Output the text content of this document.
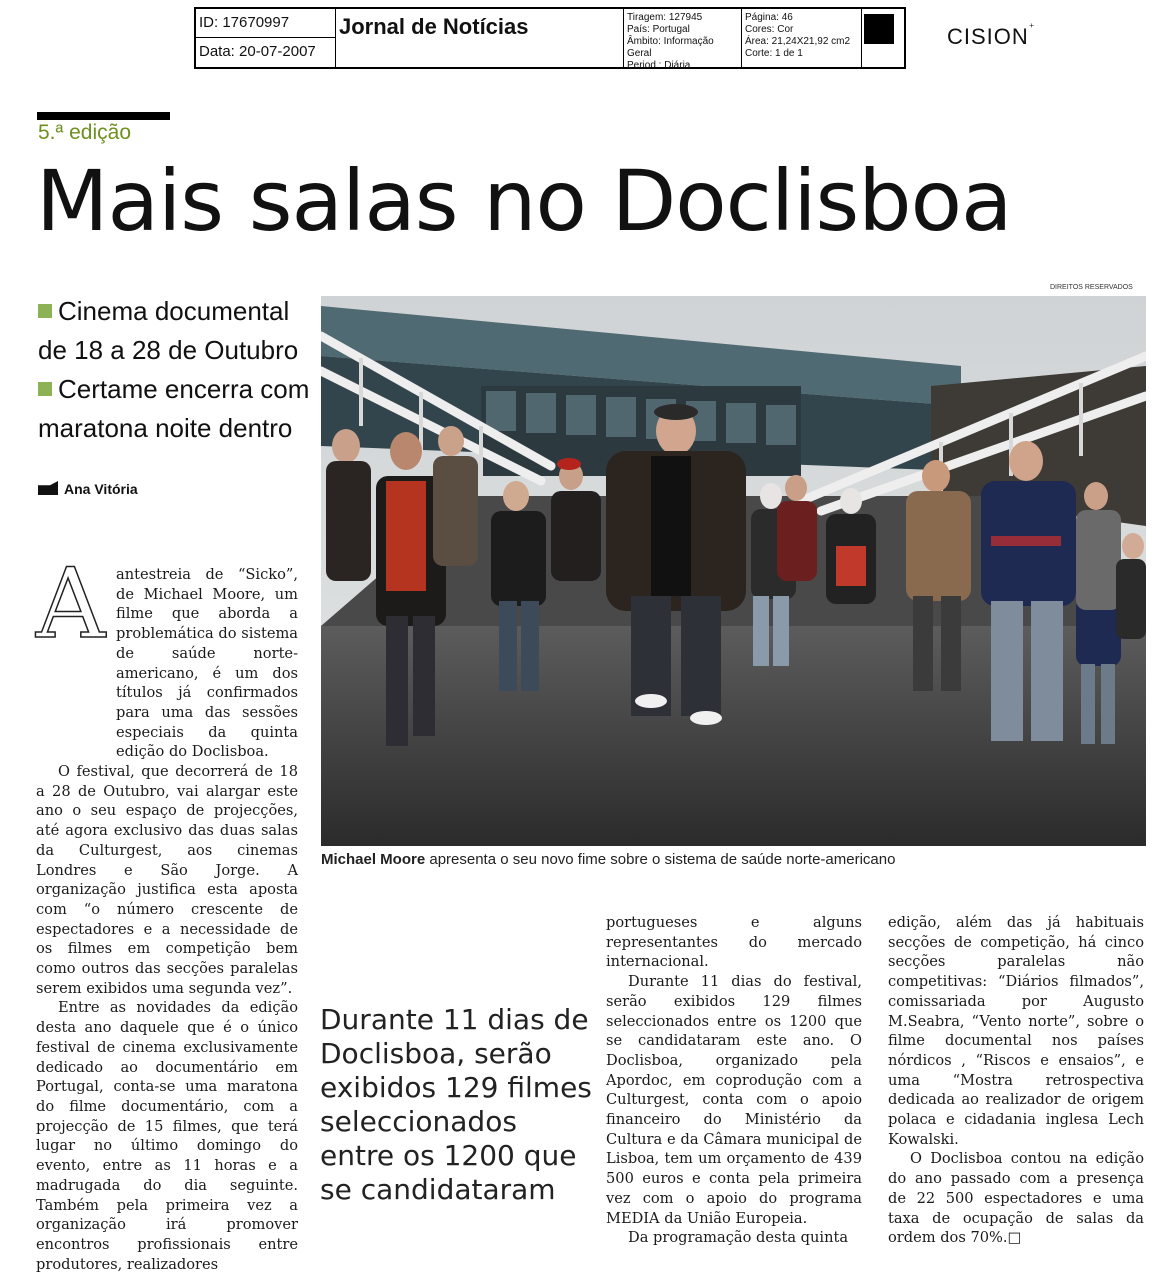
ID: 17670997
Data: 20-07-2007
Jornal de Notícias	Tiragem: 127945
País: Portugal
Âmbito: Informação Geral
Period.: Diária
Página: 46
Cores: Cor
Área: 21,24X21,92 cm2
Corte: 1 de 1
CISION⁺
5.ª edição
Mais salas no Doclisboa
Cinema documental
de 18 a 28 de Outubro
Certame encerra com
maratona noite dentro
Ana Vitória
A antestreia de “Sicko”, de Michael Moore, um filme que aborda a problemática do sistema de saúde norte-americano, é um dos títulos já confirmados para uma das sessões especiais da quinta edição do Doclisboa.

O festival, que decorrerá de 18 a 28 de Outubro, vai alargar este ano o seu espaço de projecções, até agora exclusivo das duas salas da Culturgest, aos cinemas Londres e São Jorge. A organização justifica esta aposta com “o número crescente de espectadores e a necessidade de os filmes em competição bem como outros das secções paralelas serem exibidos uma segunda vez”.

Entre as novidades da edição desta ano daquele que é o único festival de cinema exclusivamente dedicado ao documentário em Portugal, conta-se uma maratona do filme documentário, com a projecção de 15 filmes, que terá lugar no último domingo do evento, entre as 11 horas e a madrugada do dia seguinte. Também pela primeira vez a organização irá promover encontros profissionais entre produtores, realizadores

portugueses e alguns representantes do mercado internacional.

Durante 11 dias do festival, serão exibidos 129 filmes seleccionados entre os 1200 que se candidataram este ano. O Doclisboa, organizado pela Apordoc, em coprodução com a Culturgest, conta com o apoio financeiro do Ministério da Cultura e da Câmara municipal de Lisboa, tem um orçamento de 439 500 euros e conta pela primeira vez com o apoio do programa MEDIA da União Europeia.

Da programação desta quinta

edição, além das já habituais secções de competição, há cinco secções paralelas não competitivas: “Diários filmados”, comissariada por Augusto M.Seabra, “Vento norte”, sobre o filme documental nos países nórdicos , “Riscos e ensaios”, e uma “Mostra retrospectiva dedicada ao realizador de origem polaca e cidadania inglesa Lech Kowalski.

O Doclisboa contou na edição do ano passado com a presença de 22 500 espectadores e uma taxa de ocupação de salas da ordem dos 70%.□

Durante 11 dias de Doclisboa, serão exibidos 129 filmes seleccionados entre os 1200 que se candidataram
DIREITOS RESERVADOS
Michael Moore apresenta o seu novo fime sobre o sistema de saúde norte-americano
